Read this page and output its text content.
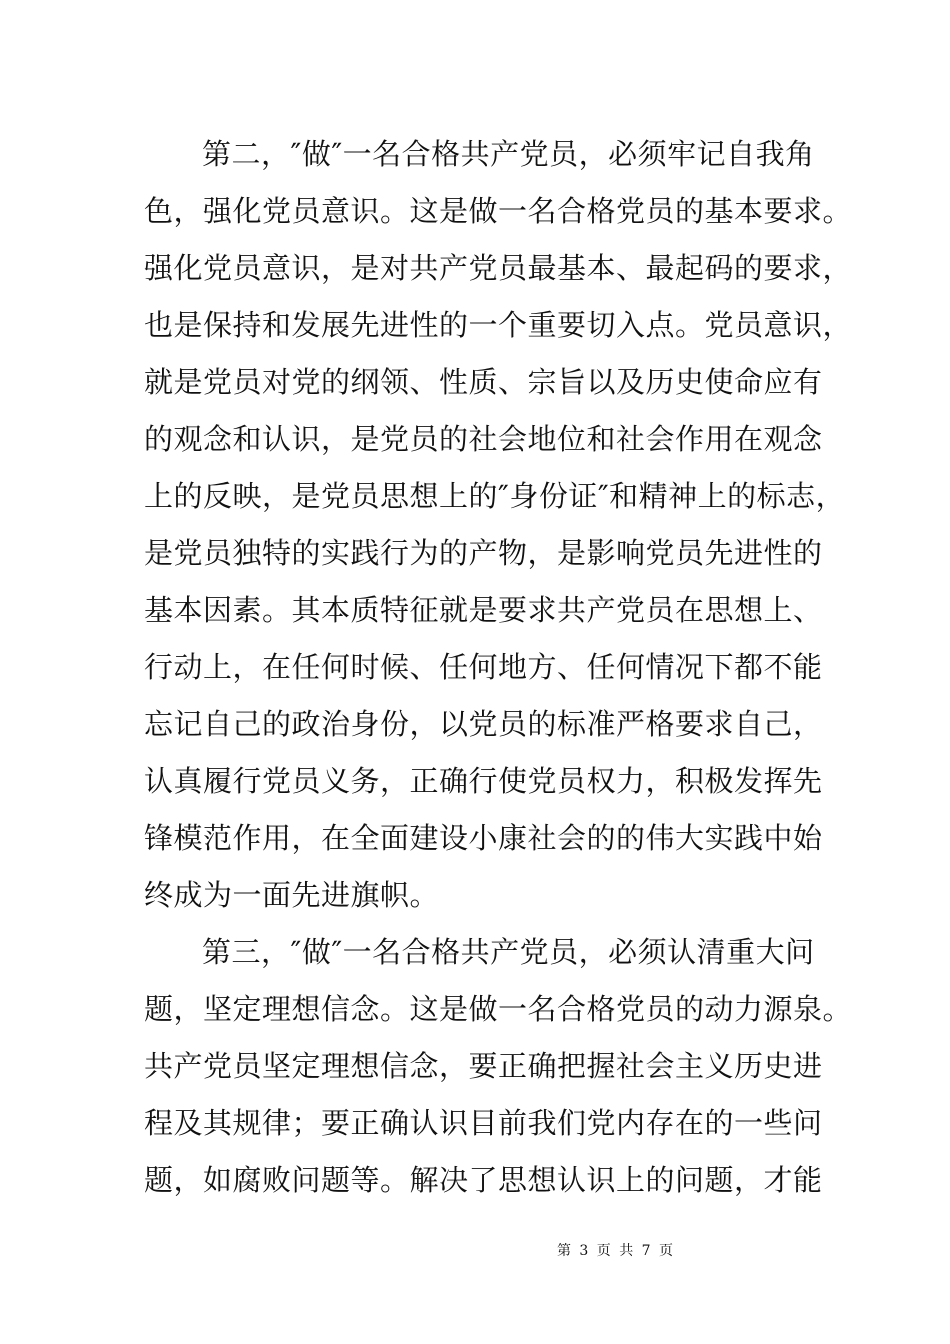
第二，″做″一名合格共产党员，必须牢记自我角
色，强化党员意识。这是做一名合格党员的基本要求。
强化党员意识，是对共产党员最基本、最起码的要求，
也是保持和发展先进性的一个重要切入点。党员意识，
就是党员对党的纲领、性质、宗旨以及历史使命应有
的观念和认识，是党员的社会地位和社会作用在观念
上的反映，是党员思想上的″身份证″和精神上的标志，
是党员独特的实践行为的产物，是影响党员先进性的
基本因素。其本质特征就是要求共产党员在思想上、
行动上，在任何时候、任何地方、任何情况下都不能
忘记自己的政治身份，以党员的标准严格要求自己，
认真履行党员义务，正确行使党员权力，积极发挥先
锋模范作用，在全面建设小康社会的的伟大实践中始
终成为一面先进旗帜。
第三，″做″一名合格共产党员，必须认清重大问
题，坚定理想信念。这是做一名合格党员的动力源泉。
共产党员坚定理想信念，要正确把握社会主义历史进
程及其规律；要正确认识目前我们党内存在的一些问
题，如腐败问题等。解决了思想认识上的问题，才能
第 3 页 共 7 页
